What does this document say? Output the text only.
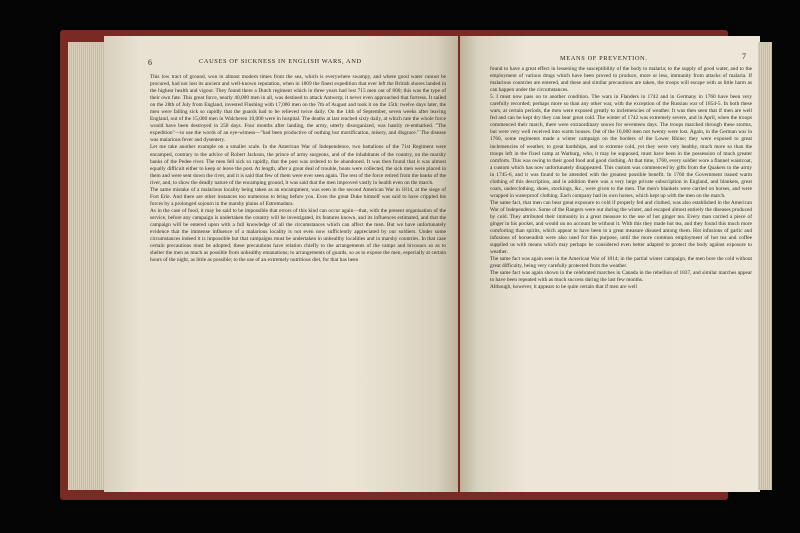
6	CAUSES OF SICKNESS IN ENGLISH WARS, AND
This low tract of ground, won in almost modern times from the sea, which is everywhere swampy, and where good water cannot be procured, had not lost its ancient and well-known reputation, when in 1809 the finest expedition that ever left the British shores landed in the highest health and vigour. They found there a Dutch regiment which in three years had lost 715 men out of 800; this was the type of their own fate. This great force, nearly 40,000 men in all, was destined to attack Antwerp; it never even approached that fortress. It sailed on the 28th of July from England, invested Flushing with 17,000 men on the 7th of August and took it on the 15th: twelve days later, the men were falling sick so rapidly that the guards had to be relieved twice daily. On the 14th of September, seven weeks after leaving England, out of the 15,000 men in Walcheren 10,000 were in hospital. The deaths at last reached sixty daily, at which rate the whole force would have been destroyed in 250 days. Four months after landing, the army, utterly disorganized, was hastily re-embarked. "The expedition"—to use the words of an eye-witness—"had been productive of nothing but mortification, misery, and disgrace." The disease was malarious fever and dysentery.
Let me take another example on a smaller scale. In the American War of Independence, two battalions of the 71st Regiment were encamped, contrary to the advice of Robert Jackson, the prince of army surgeons, and of the inhabitants of the country, on the marshy banks of the Pedee river. The men fell sick so rapidly, that the post was ordered to be abandoned. It was then found that it was almost equally difficult either to keep or leave the post. At length, after a great deal of trouble, boats were collected, the sick men were placed in them and were sent down the river, and it is said that few of them were ever seen again. The rest of the force retired from the banks of the river, and, to show the deadly nature of the encamping ground, it was said that the men improved vastly in health even on the march.
The same mistake of a malarious locality being taken as an encampment, was seen in the second American War in 1814, at the siege of Fort Erie. And there are other instances too numerous to bring before you. Even the great Duke himself was said to have crippled his forces by a prolonged sojourn in the marshy plains of Estremadura.
As in the case of food, it may be said to be impossible that errors of this kind can occur again—that, with the present organisation of the service, before any campaign is undertaken the country will be investigated, its features known, and its influences estimated, and that the campaign will be entered upon with a full knowledge of all the circumstances which can affect the men. But we have unfortunately evidence that the immense influence of a malarious locality is not even now sufficiently appreciated by our soldiers. Under some circumstances indeed it is impossible but that campaigns must be undertaken in unhealthy localities and in marshy countries. In that case certain precautions must be adopted; these precautions have relation chiefly to the arrangements of the camps and bivouacs so as to shelter the men as much as possible from unhealthy emanations; to arrangements of guards, so as to expose the men, especially at certain hours of the night, as little as possible; to the use of an extremely nutritious diet, for that has been
MEANS OF PREVENTION.	7
found to have a great effect in lessening the susceptibility of the body to malaria; to the supply of good water, and to the employment of various drugs which have been proved to produce, more or less, immunity from attacks of malaria. If malarious countries are entered, and these and similar precautions are taken, the troops will escape with as little harm as can happen under the circumstances.
5. I must now pass on to another condition. The wars in Flanders in 1742 and in Germany in 1760 have been very carefully recorded; perhaps more so than any other war, with the exception of the Russian war of 1854-5. In both these wars, at certain periods, the men were exposed greatly to inclemencies of weather. It was then seen that if men are well fed and can be kept dry they can bear great cold. The winter of 1742 was extremely severe, and in April, when the troops commenced their march, there were extraordinary snows for seventeen days. The troops marched through these storms, but were very well received into warm houses. Out of the 16,000 men not twenty were lost. Again, in the German war in 1760, some regiments made a winter campaign on the borders of the Lower Rhine; they were exposed to great inclemencies of weather, to great hardships, and to extreme cold, yet they were very healthy, much more so than the troops left in the fixed camp at Warburg, who, it may be supposed, must have been in the possession of much greater comforts. This was owing to their good food and good clothing. At that time, 1760, every soldier wore a flannel waistcoat, a custom which has now unfortunately disappeared. This custom was commenced by gifts from the Quakers to the army in 1745-6, and it was found to be attended with the greatest possible benefit. In 1760 the Government issued warm clothing of this description, and in addition there was a very large private subscription in England, and blankets, great coats, underclothing, shoes, stockings, &c., were given to the men. The men's blankets were carried on horses, and were wrapped in waterproof clothing. Each company had its own horses, which kept up with the men on the march.
The same fact, that men can bear great exposure to cold if properly fed and clothed, was also established in the American War of Independence. Some of the Rangers were out during the winter, and escaped almost entirely the diseases produced by cold. They attributed their immunity in a great measure to the use of hot ginger tea. Every man carried a piece of ginger in his pocket, and would on no account be without it. With this they made hot tea, and they found this much more comforting than spirits, which appear to have been in a great measure disused among them. Hot infusions of garlic and infusions of horseradish were also used for this purpose, until the more common employment of hot tea and coffee supplied us with means which may perhaps be considered even better adapted to protect the body against exposure to weather.
The same fact was again seen in the American War of 1814; in the partial winter campaign, the men bore the cold without great difficulty, being very carefully protected from the weather.
The same fact was again shown in the celebrated marches in Canada in the rebellion of 1837, and similar marches appear to have been repeated with as much success during the last few months.
Although, however, it appears to be quite certain that if men are well
